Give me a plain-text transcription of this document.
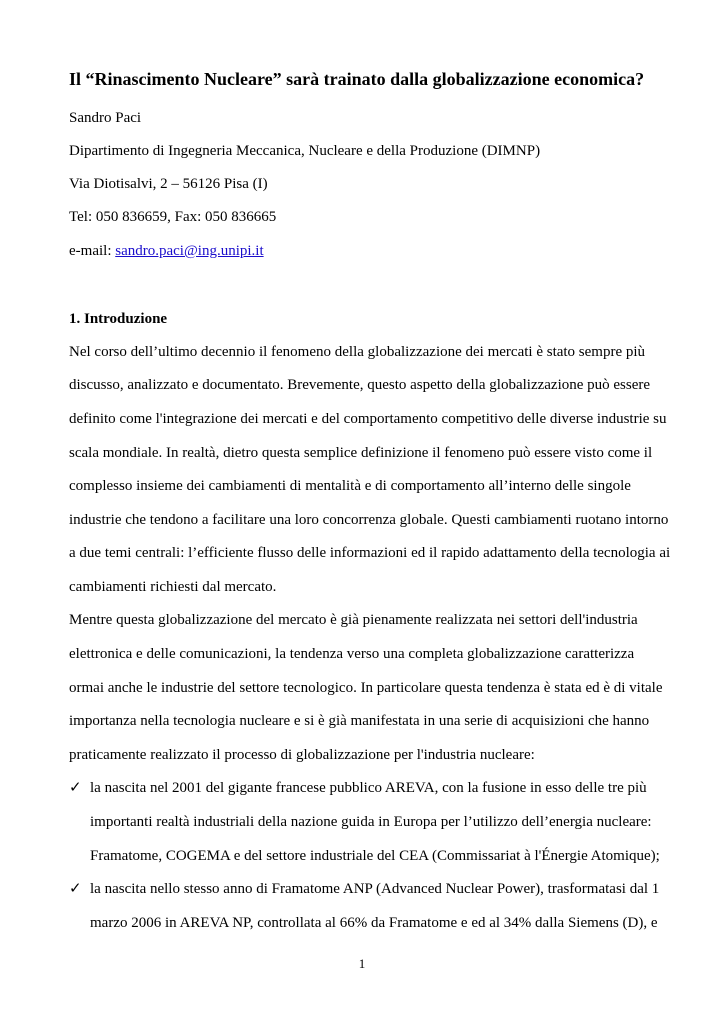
Il “Rinascimento Nucleare” sarà trainato dalla globalizzazione economica?
Sandro Paci
Dipartimento di Ingegneria Meccanica, Nucleare e della Produzione (DIMNP)
Via Diotisalvi, 2 – 56126 Pisa (I)
Tel: 050 836659, Fax: 050 836665
e-mail: sandro.paci@ing.unipi.it
1. Introduzione
Nel corso dell’ultimo decennio il fenomeno della globalizzazione dei mercati è stato sempre più
discusso, analizzato e documentato. Brevemente, questo aspetto della globalizzazione può essere
definito come l'integrazione dei mercati e del comportamento competitivo delle diverse industrie su
scala mondiale. In realtà, dietro questa semplice definizione il fenomeno può essere visto come il
complesso insieme dei cambiamenti di mentalità e di comportamento all’interno delle singole
industrie che tendono a facilitare una loro concorrenza globale. Questi cambiamenti ruotano intorno
a due temi centrali: l’efficiente flusso delle informazioni ed il rapido adattamento della tecnologia ai
cambiamenti richiesti dal mercato.
Mentre questa globalizzazione del mercato è già pienamente realizzata nei settori dell'industria
elettronica e delle comunicazioni, la tendenza verso una completa globalizzazione caratterizza
ormai anche le industrie del settore tecnologico. In particolare questa tendenza è stata ed è di vitale
importanza nella tecnologia nucleare e si è già manifestata in una serie di acquisizioni che hanno
praticamente realizzato il processo di globalizzazione per l'industria nucleare:
✓ la nascita nel 2001 del gigante francese pubblico AREVA, con la fusione in esso delle tre più
importanti realtà industriali della nazione guida in Europa per l’utilizzo dell’energia nucleare:
Framatome, COGEMA e del settore industriale del CEA (Commissariat à l'Énergie Atomique);
✓ la nascita nello stesso anno di Framatome ANP (Advanced Nuclear Power), trasformatasi dal 1
marzo 2006 in AREVA NP, controllata al 66% da Framatome e ed al 34% dalla Siemens (D), e
1
